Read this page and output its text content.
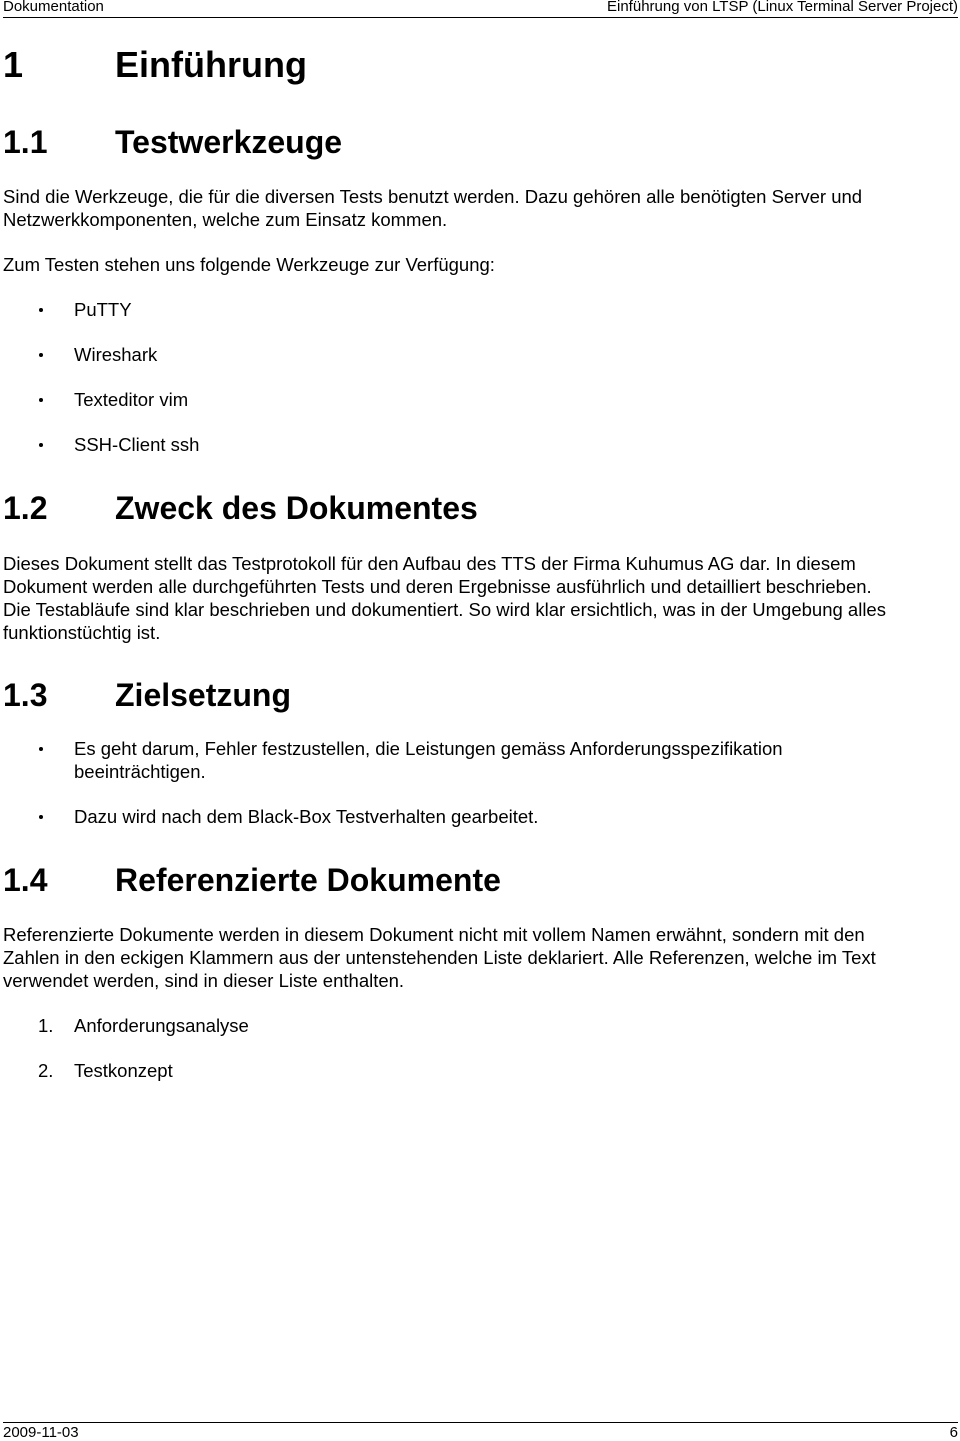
Dokumentation	Einführung von LTSP (Linux Terminal Server Project)
1	Einführung
1.1 Testwerkzeuge
Sind die Werkzeuge, die für die diversen Tests benutzt werden. Dazu gehören alle benötigten Server und
Netzwerkkomponenten, welche zum Einsatz kommen.
Zum Testen stehen uns folgende Werkzeuge zur Verfügung:
PuTTY
Wireshark
Texteditor vim
SSH-Client ssh
1.2 Zweck des Dokumentes
Dieses Dokument stellt das Testprotokoll für den Aufbau des TTS der Firma Kuhumus AG dar. In diesem
Dokument werden alle durchgeführten Tests und deren Ergebnisse ausführlich und detailliert beschrieben.
Die Testabläufe sind klar beschrieben und dokumentiert. So wird klar ersichtlich, was in der Umgebung alles
funktionstüchtig ist.
1.3 Zielsetzung
Es geht darum, Fehler festzustellen, die Leistungen gemäss Anforderungsspezifikation
beeinträchtigen.
Dazu wird nach dem Black-Box Testverhalten gearbeitet.
1.4 Referenzierte Dokumente
Referenzierte Dokumente werden in diesem Dokument nicht mit vollem Namen erwähnt, sondern mit den
Zahlen in den eckigen Klammern aus der untenstehenden Liste deklariert. Alle Referenzen, welche im Text
verwendet werden, sind in dieser Liste enthalten.
1. Anforderungsanalyse
2. Testkonzept
2009-11-03	6
